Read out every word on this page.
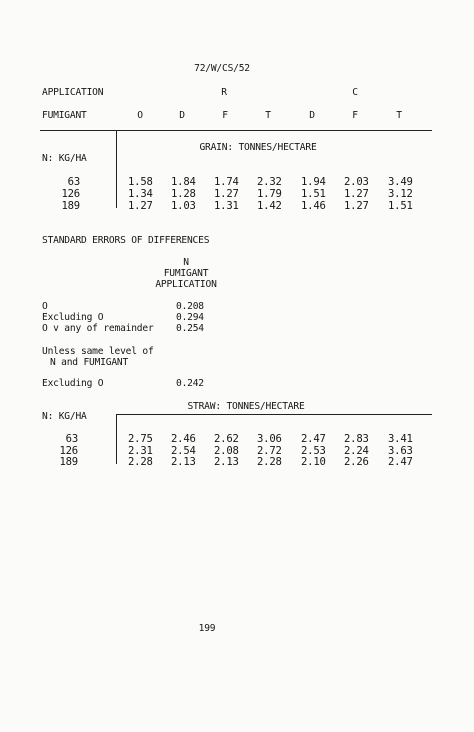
72/W/CS/52
APPLICATION	R	C
FUMIGANT	O	D	F	T	D	F	T
GRAIN: TONNES/HECTARE
N: KG/HA
63	1.58 1.84 1.74 2.32 1.94 2.03 3.49
126	1.34 1.28 1.27 1.79 1.51 1.27 3.12
189	1.27 1.03 1.31 1.42 1.46 1.27 1.51
STANDARD ERRORS OF DIFFERENCES
N
FUMIGANT
APPLICATION
O	0.208
Excluding O	0.294
O v any of remainder 0.254
Unless same level of
N and FUMIGANT
Excluding O	0.242
STRAW: TONNES/HECTARE
N: KG/HA
63	2.75 2.46 2.62 3.06 2.47 2.83 3.41
126	2.31 2.54 2.08 2.72 2.53 2.24 3.63
189	2.28 2.13 2.13 2.28 2.10 2.26 2.47
199
